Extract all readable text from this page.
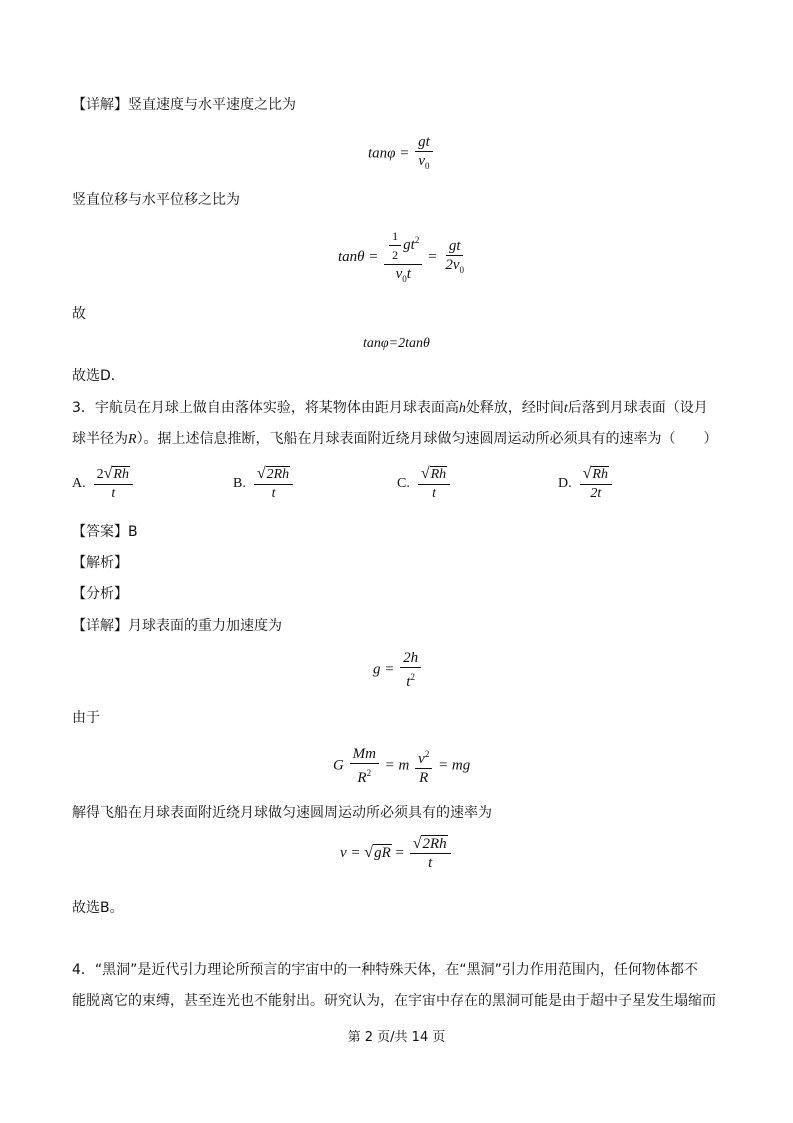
【详解】竖直速度与水平速度之比为
$\tan\varphi = \frac{gt}{v_0}$
竖直位移与水平位移之比为
$\tan\theta = \frac{\frac{1}{2} gt^2}{v_0t} = \frac{gt}{2v_0}$
故
tanφ=2tanθ
故选D．
3．宇航员在月球上做自由落体实验，将某物体由距月球表面高h处释放，经时间t后落到月球表面（设月
球半径为R）。据上述信息推断，飞船在月球表面附近绕月球做匀速圆周运动所必须具有的速率为（　　）
A. $\frac{2√Rh}{t}$	B. $\frac{√2Rh}{t}$	C. $\frac{√Rh}{t}$	D. $\frac{√Rh}{2t}$
【答案】B
【解析】
【分析】
【详解】月球表面的重力加速度为
$g = \frac{2h}{t^2}$
由于
G $\frac{Mm}{R^2} = m \frac{v^2}{R}$ = mg
解得飞船在月球表面附近绕月球做匀速圆周运动所必须具有的速率为
$v = √gR = \frac{√2Rh}{t}$
故选B。
4．“黑洞”是近代引力理论所预言的宇宙中的一种特殊天体，在“黑洞”引力作用范围内，任何物体都不
能脱离它的束缚，甚至连光也不能射出。研究认为，在宇宙中存在的黑洞可能是由于超中子星发生塌缩而
第 2 页/共 14 页
